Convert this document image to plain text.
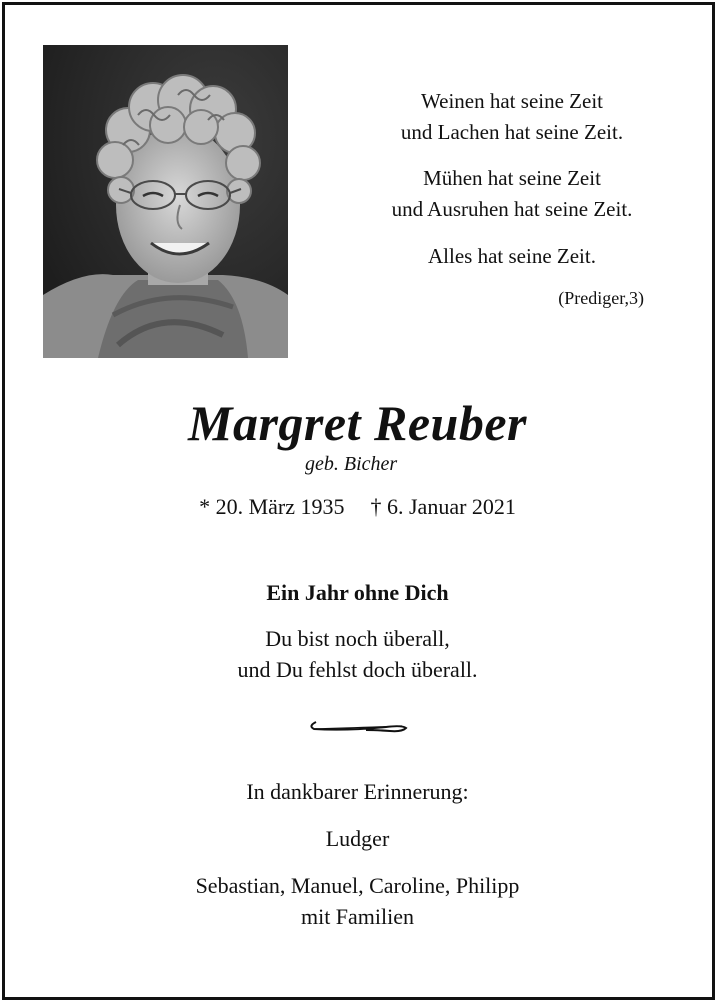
Weinen hat seine Zeit
und Lachen hat seine Zeit.

Mühen hat seine Zeit
und Ausruhen hat seine Zeit.

Alles hat seine Zeit.

(Prediger,3)

Margret Reuber

geb. Bicher

* 20. März 1935 † 6. Januar 2021

Ein Jahr ohne Dich

Du bist noch überall,
und Du fehlst doch überall.

In dankbarer Erinnerung:

Ludger

Sebastian, Manuel, Caroline, Philipp
mit Familien
